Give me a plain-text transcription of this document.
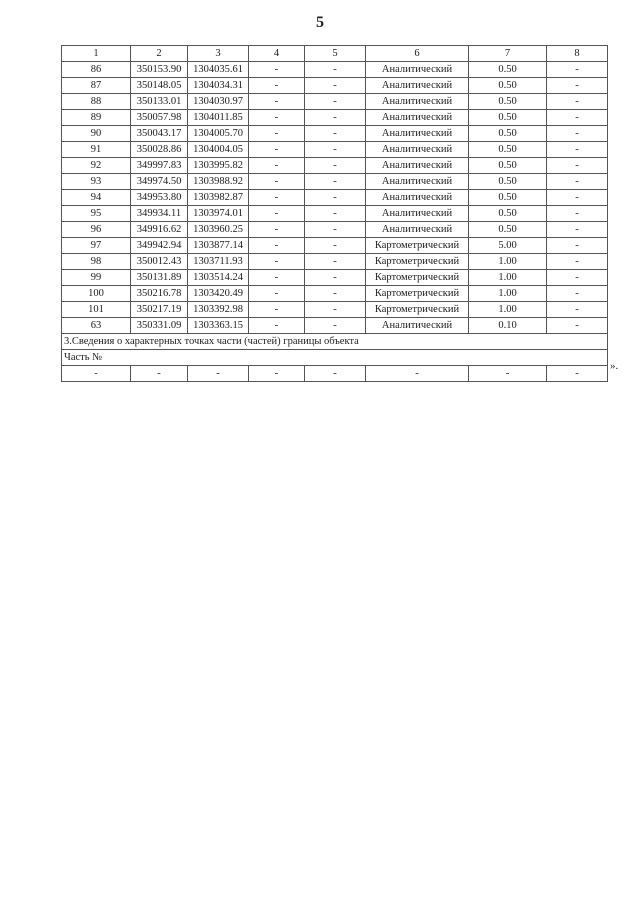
5
1	2	3	4	5	6	7	8
86	350153.90	1304035.61	-	-	Аналитический	0.50	-
87	350148.05	1304034.31	-	-	Аналитический	0.50	-
88	350133.01	1304030.97	-	-	Аналитический	0.50	-
89	350057.98	1304011.85	-	-	Аналитический	0.50	-
90	350043.17	1304005.70	-	-	Аналитический	0.50	-
91	350028.86	1304004.05	-	-	Аналитический	0.50	-
92	349997.83	1303995.82	-	-	Аналитический	0.50	-
93	349974.50	1303988.92	-	-	Аналитический	0.50	-
94	349953.80	1303982.87	-	-	Аналитический	0.50	-
95	349934.11	1303974.01	-	-	Аналитический	0.50	-
96	349916.62	1303960.25	-	-	Аналитический	0.50	-
97	349942.94	1303877.14	-	-	Картометрический	5.00	-
98	350012.43	1303711.93	-	-	Картометрический	1.00	-
99	350131.89	1303514.24	-	-	Картометрический	1.00	-
100	350216.78	1303420.49	-	-	Картометрический	1.00	-
101	350217.19	1303392.98	-	-	Картометрический	1.00	-
63	350331.09	1303363.15	-	-	Аналитический	0.10	-
3.Сведения о характерных точках части (частей) границы объекта							
Часть №							
-	-	-	-	-	-	-	-
».
